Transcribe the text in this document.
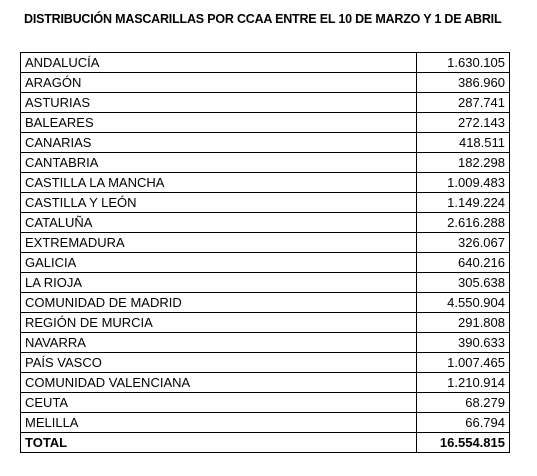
DISTRIBUCIÓN MASCARILLAS POR CCAA ENTRE EL 10 DE MARZO Y 1 DE ABRIL
ANDALUCÍA	1.630.105
ARAGÓN	386.960
ASTURIAS	287.741
BALEARES	272.143
CANARIAS	418.511
CANTABRIA	182.298
CASTILLA LA MANCHA	1.009.483
CASTILLA Y LEÓN	1.149.224
CATALUÑA	2.616.288
EXTREMADURA	326.067
GALICIA	640.216
LA RIOJA	305.638
COMUNIDAD DE MADRID	4.550.904
REGIÓN DE MURCIA	291.808
NAVARRA	390.633
PAÍS VASCO	1.007.465
COMUNIDAD VALENCIANA	1.210.914
CEUTA	68.279
MELILLA	66.794
TOTAL	16.554.815
